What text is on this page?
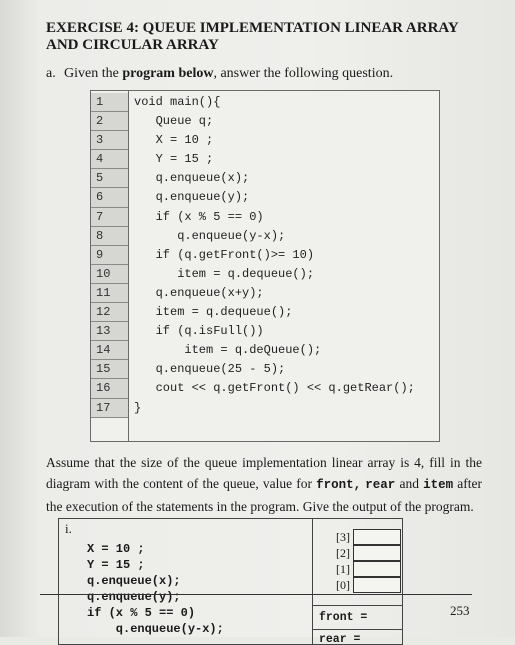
EXERCISE 4: QUEUE IMPLEMENTATION LINEAR ARRAY AND CIRCULAR ARRAY
a. Given the program below, answer the following question.
1
2
3
4
5
6
7
8
9
10
11
12
13
14
15
16
17
void main(){
Queue q;
X = 10 ;
Y = 15 ;
q.enqueue(x);
q.enqueue(y);
if (x % 5 == 0)
q.enqueue(y-x);
if (q.getFront()>= 10)
item = q.dequeue();
q.enqueue(x+y);
item = q.dequeue();
if (q.isFull())
item = q.deQueue();
q.enqueue(25 - 5);
cout << q.getFront() << q.getRear();
}
Assume that the size of the queue implementation linear array is 4, fill in the diagram with the content of the queue, value for front, rear and item after the execution of the statements in the program. Give the output of the program.
i.
X = 10 ;
Y = 15 ;
q.enqueue(x);
q.enqueue(y);
if (x % 5 == 0)
q.enqueue(y-x);
[3]
[2]
[1]
[0]
front =
rear =
253
